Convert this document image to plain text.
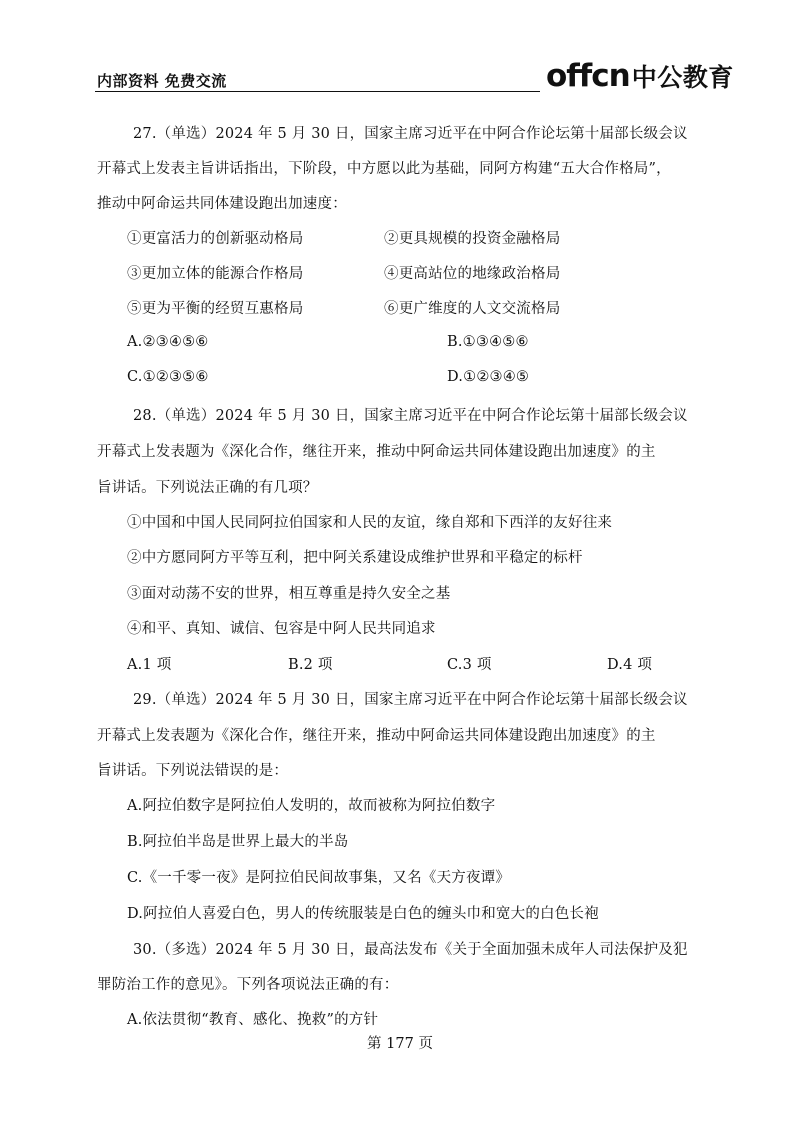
内部资料 免费交流	offcn 中公教育
27.（单选）2024 年 5 月 30 日，国家主席习近平在中阿合作论坛第十届部长级会议
开幕式上发表主旨讲话指出，下阶段，中方愿以此为基础，同阿方构建“五大合作格局”，
推动中阿命运共同体建设跑出加速度：
①更富活力的创新驱动格局	②更具规模的投资金融格局
③更加立体的能源合作格局	④更高站位的地缘政治格局
⑤更为平衡的经贸互惠格局	⑥更广维度的人文交流格局
A.②③④⑤⑥	B.①③④⑤⑥
C.①②③⑤⑥	D.①②③④⑤
28.（单选）2024 年 5 月 30 日，国家主席习近平在中阿合作论坛第十届部长级会议
开幕式上发表题为《深化合作，继往开来，推动中阿命运共同体建设跑出加速度》的主
旨讲话。下列说法正确的有几项？
①中国和中国人民同阿拉伯国家和人民的友谊，缘自郑和下西洋的友好往来
②中方愿同阿方平等互利，把中阿关系建设成维护世界和平稳定的标杆
③面对动荡不安的世界，相互尊重是持久安全之基
④和平、真知、诚信、包容是中阿人民共同追求
A.1 项	B.2 项	C.3 项	D.4 项
29.（单选）2024 年 5 月 30 日，国家主席习近平在中阿合作论坛第十届部长级会议
开幕式上发表题为《深化合作，继往开来，推动中阿命运共同体建设跑出加速度》的主
旨讲话。下列说法错误的是：
A.阿拉伯数字是阿拉伯人发明的，故而被称为阿拉伯数字
B.阿拉伯半岛是世界上最大的半岛
C.《一千零一夜》是阿拉伯民间故事集，又名《天方夜谭》
D.阿拉伯人喜爱白色，男人的传统服装是白色的缠头巾和宽大的白色长袍
30.（多选）2024 年 5 月 30 日，最高法发布《关于全面加强未成年人司法保护及犯
罪防治工作的意见》。下列各项说法正确的有：
A.依法贯彻“教育、感化、挽救”的方针
第 177 页
